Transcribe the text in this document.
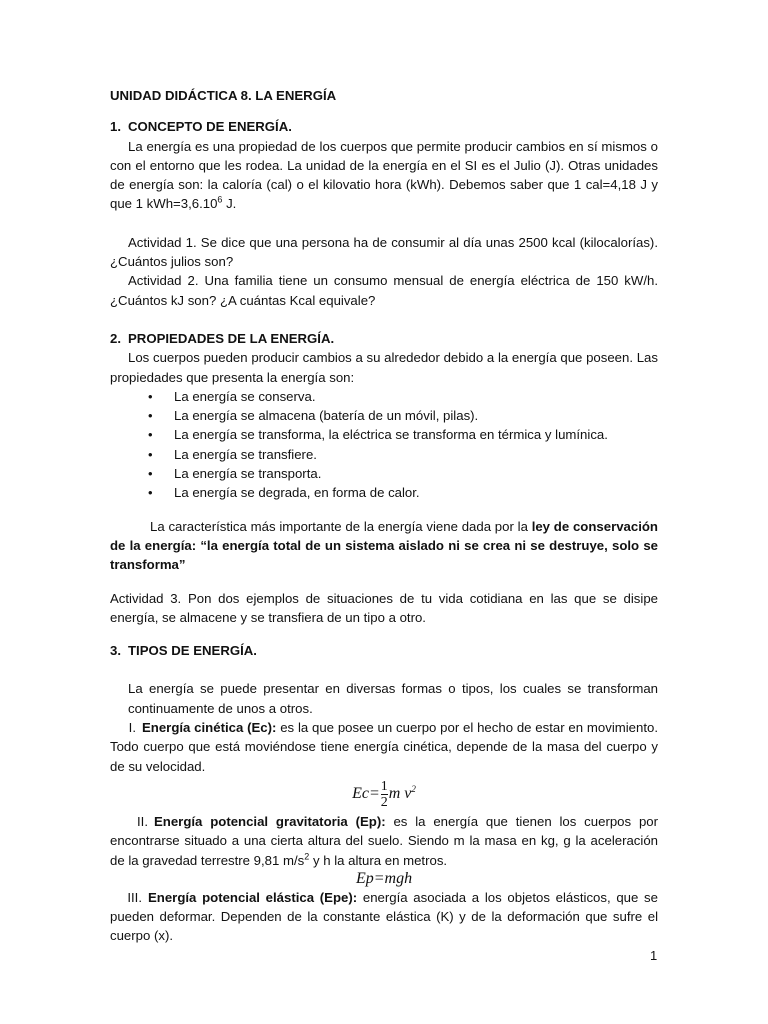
UNIDAD DIDÁCTICA 8. LA ENERGÍA

1. CONCEPTO DE ENERGÍA.

La energía es una propiedad de los cuerpos que permite producir cambios en sí mismos o con el entorno que les rodea. La unidad de la energía en el SI es el Julio (J). Otras unidades de energía son: la caloría (cal) o el kilovatio hora (kWh). Debemos saber que 1 cal=4,18 J y que 1 $kWh=3,6.10^6$ J.

Actividad 1. Se dice que una persona ha de consumir al día unas 2500 kcal (kilocalorías). ¿Cuántos julios son?

Actividad 2. Una familia tiene un consumo mensual de energía eléctrica de 150 kW/h. ¿Cuántos kJ son? ¿A cuántas Kcal equivale?

2. PROPIEDADES DE LA ENERGÍA.

Los cuerpos pueden producir cambios a su alrededor debido a la energía que poseen. Las propiedades que presenta la energía son:

• La energía se conserva.
• La energía se almacena (batería de un móvil, pilas).
• La energía se transforma, la eléctrica se transforma en térmica y lumínica.
• La energía se transfiere.
• La energía se transporta.
• La energía se degrada, en forma de calor.

La característica más importante de la energía viene dada por la ley de conservación de la energía: “la energía total de un sistema aislado ni se crea ni se destruye, solo se transforma”

Actividad 3. Pon dos ejemplos de situaciones de tu vida cotidiana en las que se disipe energía, se almacene y se transfiera de un tipo a otro.

3. TIPOS DE ENERGÍA.

La energía se puede presentar en diversas formas o tipos, los cuales se transforman continuamente de unos a otros.

I. Energía cinética (Ec): es la que posee un cuerpo por el hecho de estar en movimiento. Todo cuerpo que está moviéndose tiene energía cinética, depende de la masa del cuerpo y de su velocidad.

$Ec= \frac{1}{2}$ m $v^2$

II. Energía potencial gravitatoria (Ep): es la energía que tienen los cuerpos por encontrarse situado a una cierta altura del suelo. Siendo m la masa en kg, g la aceleración de la gravedad terrestre 9,81 $m/s^2$ y h la altura en metros.

Ep=mgh

III. Energía potencial elástica (Epe): energía asociada a los objetos elásticos, que se pueden deformar. Dependen de la constante elástica (K) y de la deformación que sufre el cuerpo (x).

1
